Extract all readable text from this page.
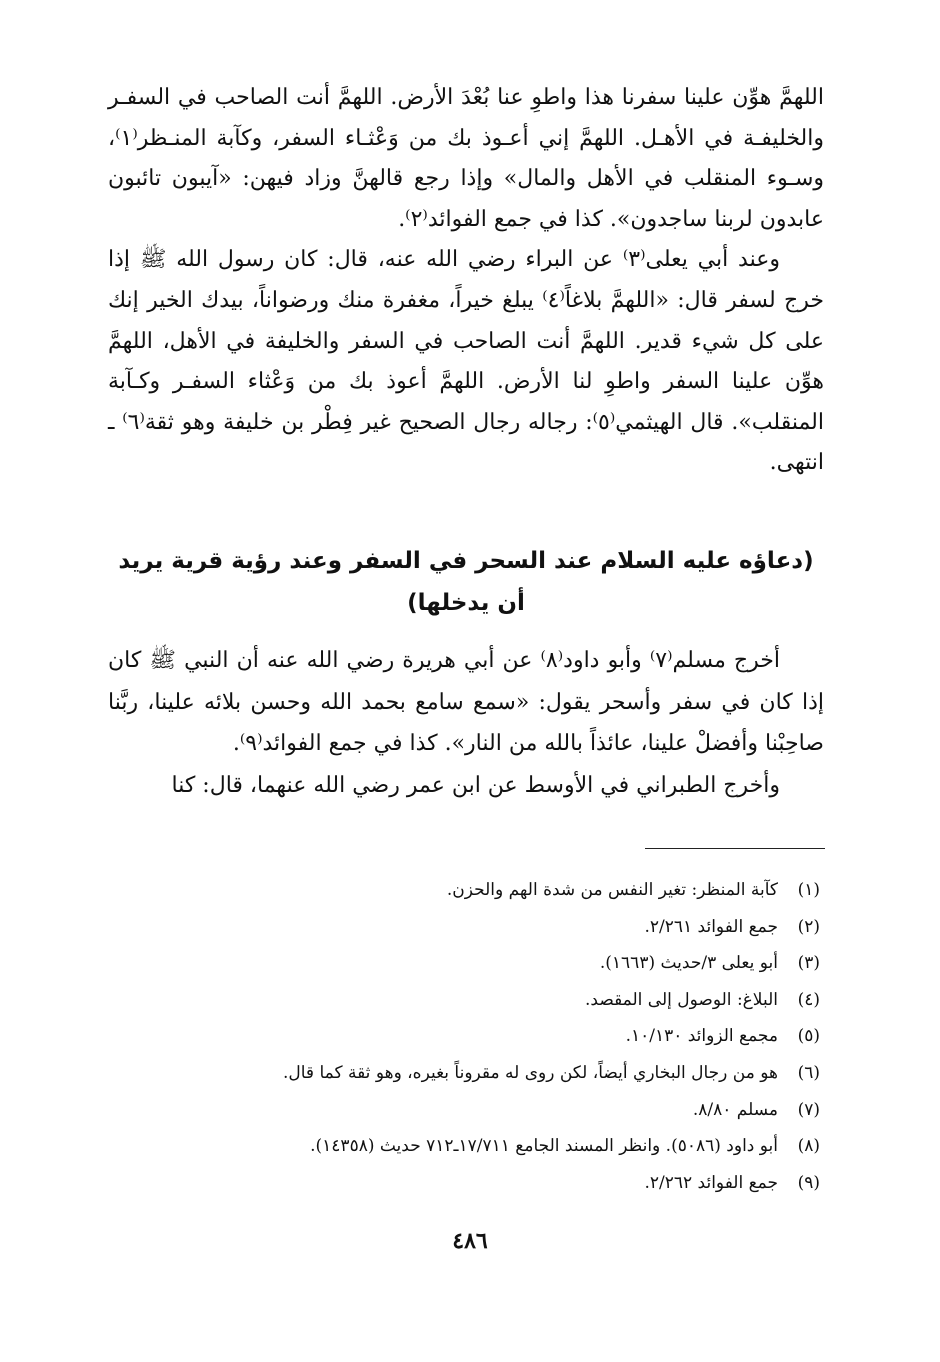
اللهمَّ هوِّن علينا سفرنا هذا واطوِ عنا بُعْدَ الأرض. اللهمَّ أنت الصاحب في السفـر والخليفـة في الأهـل. اللهمَّ إني أعـوذ بك من وَعْثـاء السفر، وكآبة المنـظر⁽١⁾، وسـوء المنقلب في الأهل والمال» وإذا رجع قالهنَّ وزاد فيهن: «آيبون تائبون عابدون لربنا ساجدون». كذا في جمع الفوائد⁽٢⁾.

وعند أبي يعلى⁽٣⁾ عن البراء رضي الله عنه، قال: كان رسول الله ﷺ إذا خرج لسفر قال: «اللهمَّ بلاغاً⁽٤⁾ يبلغ خيراً، مغفرة منك ورضواناً، بيدك الخير إنك على كل شيء قدير. اللهمَّ أنت الصاحب في السفر والخليفة في الأهل، اللهمَّ هوِّن علينا السفر واطوِ لنا الأرض. اللهمَّ أعوذ بك من وَعْثاء السفـر وكـآبة المنقلب». قال الهيثمي⁽٥⁾: رجاله رجال الصحيح غير فِطْر بن خليفة وهو ثقة⁽٦⁾ ـ انتهى.

(دعاؤه عليه السلام عند السحر في السفر وعند رؤية قرية يريد أن يدخلها)

أخرج مسلم⁽٧⁾ وأبو داود⁽٨⁾ عن أبي هريرة رضي الله عنه أن النبي ﷺ كان إذا كان في سفر وأسحر يقول: «سمع سامع بحمد الله وحسن بلائه علينا، ربَّنا صاحِبْنا وأفضلْ علينا، عائذاً بالله من النار». كذا في جمع الفوائد⁽٩⁾.

وأخرج الطبراني في الأوسط عن ابن عمر رضي الله عنهما، قال: كنا

(١)
كآبة المنظر: تغير النفس من شدة الهم والحزن.
(٢)
جمع الفوائد ٢/٢٦١.
(٣)
أبو يعلى ٣/حديث (١٦٦٣).
(٤)
البلاغ: الوصول إلى المقصد.
(٥)
مجمع الزوائد ١٠/١٣٠.
(٦)
هو من رجال البخاري أيضاً، لكن روى له مقروناً بغيره، وهو ثقة كما قال.
(٧)
مسلم ٨/٨٠.
(٨)
أبو داود (٥٠٨٦). وانظر المسند الجامع ١٧/٧١١ـ٧١٢ حديث (١٤٣٥٨).
(٩)
جمع الفوائد ٢/٢٦٢.
٤٨٦
